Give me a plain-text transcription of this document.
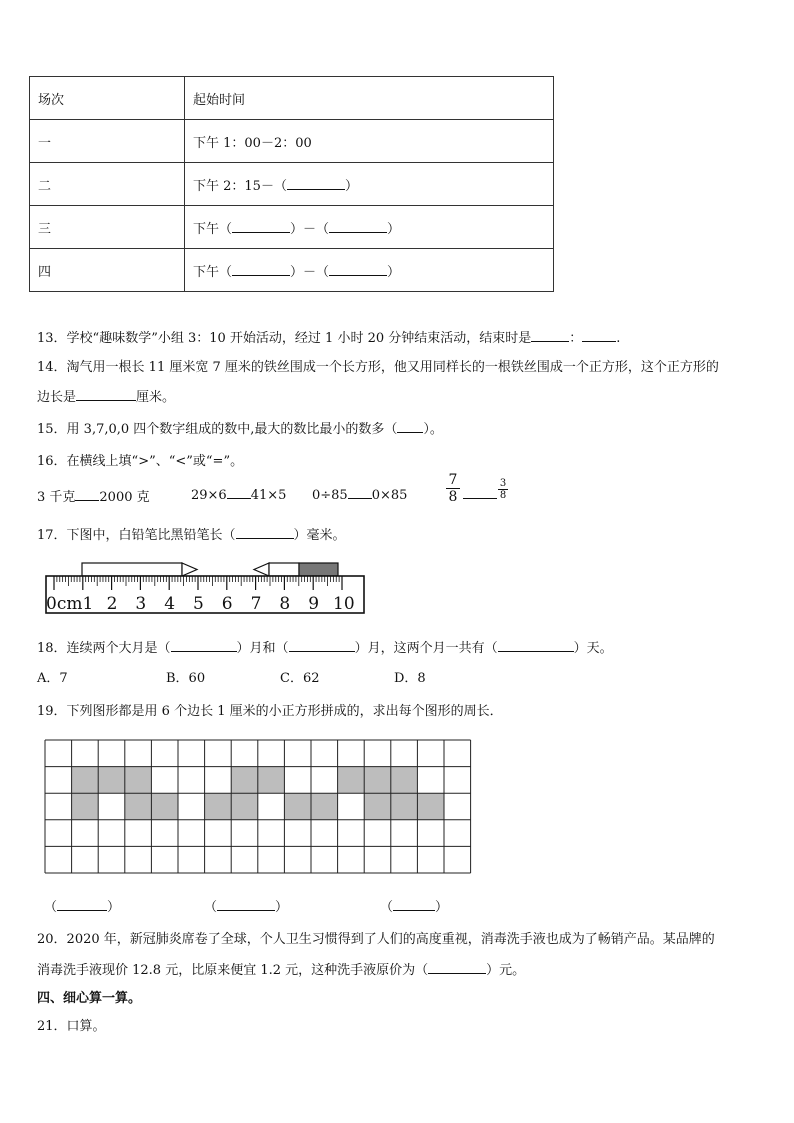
场次	起始时间
一	下午 1：00－2：00
二	下午 2：15－（ ）
三	下午（ ）－（ ）
四	下午（ ）－（ ）
13．学校“趣味数学”小组 3：10 开始活动，经过 1 小时 20 分钟结束活动，结束时是	：	.
14．淘气用一根长 11 厘米宽 7 厘米的铁丝围成一个长方形，他又用同样长的一根铁丝围成一个正方形，这个正方形的
边长是	厘米。
15．用 3,7,0,0 四个数字组成的数中,最大的数比最小的数多（ ）。
16．在横线上填“>”、“<”或“=”。
3 千克 2000 克	29×6 41×5 0÷85 0×85	$\frac{7}{8}$	$\frac{3}{8}$
17．下图中，白铅笔比黑铅笔长（	）毫米。
0cm1 2 3 4 5 6 7 8 9 10
18．连续两个大月是（	）月和（	）月，这两个月一共有（	）天。
A．7	B．60	C．62	D．8
19．下列图形都是用 6 个边长 1 厘米的小正方形拼成的，求出每个图形的周长．
（	）	（	）	（	）
20．2020 年，新冠肺炎席卷了全球，个人卫生习惯得到了人们的高度重视，消毒洗手液也成为了畅销产品。某品牌的
消毒洗手液现价 12.8 元，比原来便宜 1.2 元，这种洗手液原价为（	）元。
四、细心算一算。
21．口算。
